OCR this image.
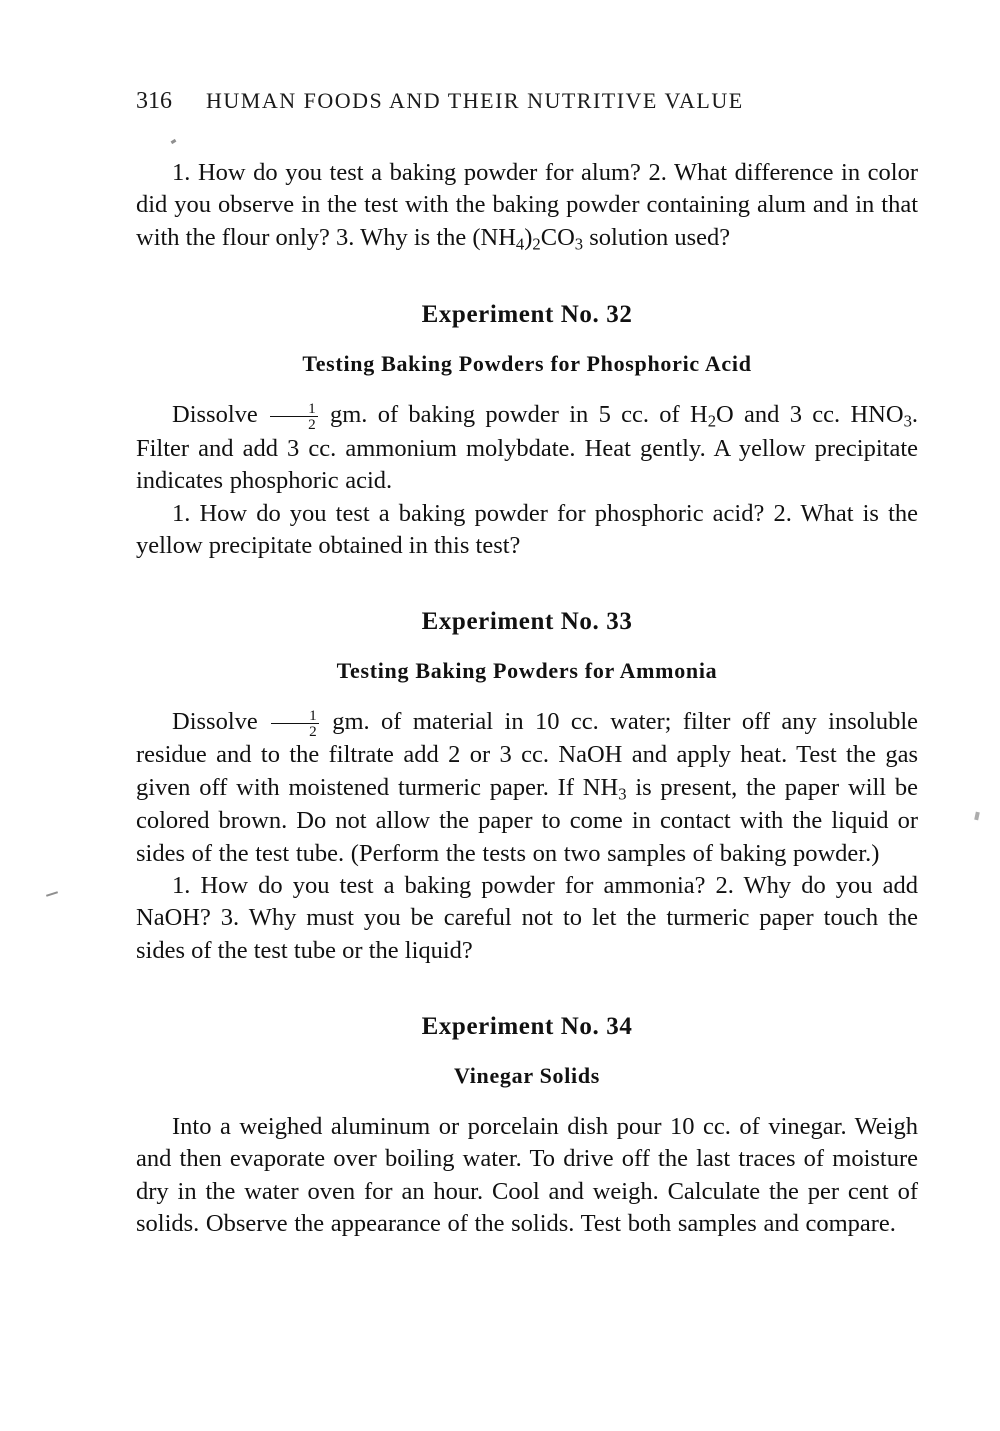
316 HUMAN FOODS AND THEIR NUTRITIVE VALUE

1. How do you test a baking powder for alum? 2. What difference in color did you observe in the test with the baking powder containing alum and in that with the flour only? 3. Why is the $(NH_4)_2CO_3$ solution used?

Experiment No. 32
Testing Baking Powders for Phosphoric Acid

Dissolve $\frac{1}{2}$ gm. of baking powder in 5 cc. of $H_2O$ and 3 cc. $HNO_3$. Filter and add 3 cc. ammonium molybdate. Heat gently. A yellow precipitate indicates phosphoric acid.

1. How do you test a baking powder for phosphoric acid? 2. What is the yellow precipitate obtained in this test?

Experiment No. 33
Testing Baking Powders for Ammonia

Dissolve $\frac{1}{2}$ gm. of material in 10 cc. water; filter off any insoluble residue and to the filtrate add 2 or 3 cc. NaOH and apply heat. Test the gas given off with moistened turmeric paper. If $NH_3$ is present, the paper will be colored brown. Do not allow the paper to come in contact with the liquid or sides of the test tube. (Perform the tests on two samples of baking powder.)

1. How do you test a baking powder for ammonia? 2. Why do you add NaOH? 3. Why must you be careful not to let the turmeric paper touch the sides of the test tube or the liquid?

Experiment No. 34
Vinegar Solids

Into a weighed aluminum or porcelain dish pour 10 cc. of vinegar. Weigh and then evaporate over boiling water. To drive off the last traces of moisture dry in the water oven for an hour. Cool and weigh. Calculate the per cent of solids. Observe the appearance of the solids. Test both samples and compare.
